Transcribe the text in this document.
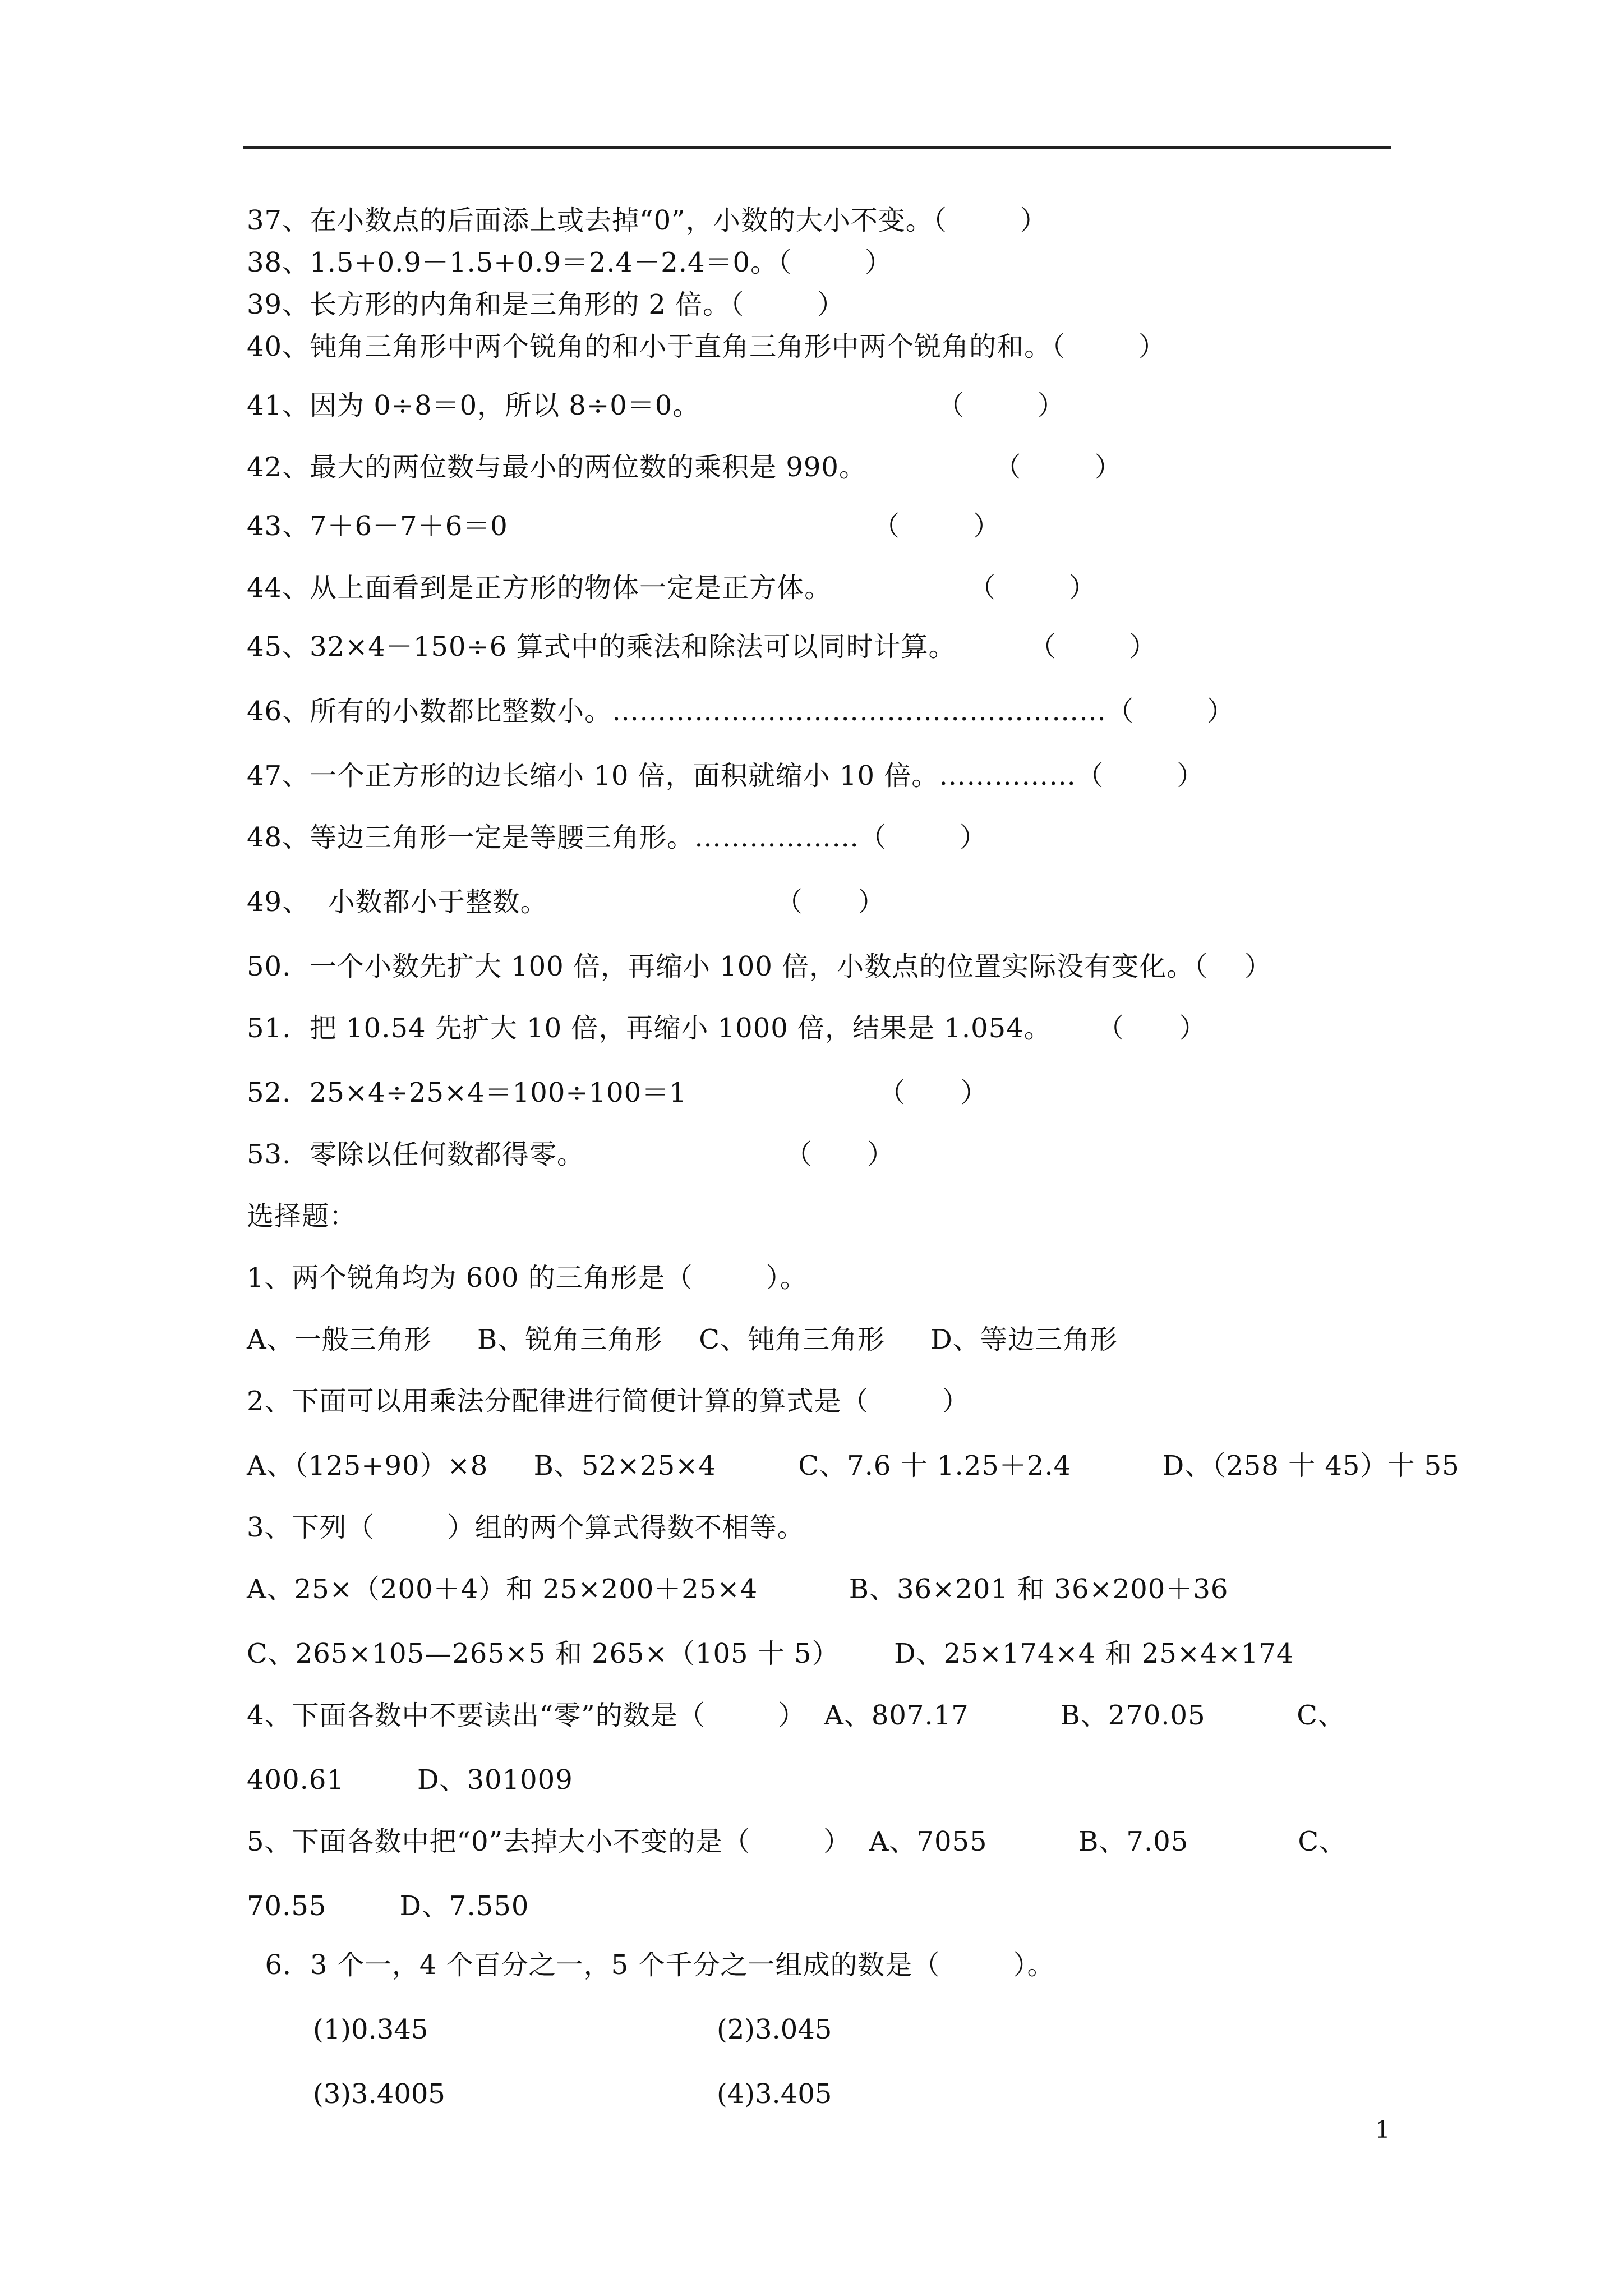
37、在小数点的后面添上或去掉“0”，小数的大小不变。（        ）
38、1.5+0.9－1.5+0.9＝2.4－2.4＝0。（        ）
39、长方形的内角和是三角形的 2 倍。（        ）
40、钝角三角形中两个锐角的和小于直角三角形中两个锐角的和。（        ）
41、因为 0÷8＝0，所以 8÷0＝0。                          （        ）
42、最大的两位数与最小的两位数的乘积是 990。              （        ）
43、7＋6－7＋6＝0                                        （        ）
44、从上面看到是正方形的物体一定是正方体。               （        ）
45、32×4－150÷6 算式中的乘法和除法可以同时计算。        （        ）
46、所有的小数都比整数小。………………………………………………（        ）
47、一个正方形的边长缩小 10 倍，面积就缩小 10 倍。……………（        ）
48、等边三角形一定是等腰三角形。………………（        ）
49、  小数都小于整数。                         （      ）
50.  一个小数先扩大 100 倍，再缩小 100 倍，小数点的位置实际没有变化。（    ）
51.  把 10.54 先扩大 10 倍，再缩小 1000 倍，结果是 1.054。     （      ）
52.  25×4÷25×4＝100÷100＝1                     （      ）
53.  零除以任何数都得零。                      （      ）
选择题：
1、两个锐角均为 600 的三角形是（        ）。
A、一般三角形     B、锐角三角形    C、钝角三角形     D、等边三角形
2、下面可以用乘法分配律进行简便计算的算式是（        ）
A、（125+90）×8     B、52×25×4         C、7.6 十 1.25＋2.4          D、（258 十 45）十 55
3、下列（        ）组的两个算式得数不相等。
A、25×（200＋4）和 25×200＋25×4          B、36×201 和 36×200＋36
C、265×105—265×5 和 265×（105 十 5）      D、25×174×4 和 25×4×174
4、下面各数中不要读出“零”的数是（        ）  A、807.17          B、270.05          C、
400.61        D、301009
5、下面各数中把“0”去掉大小不变的是（        ）  A、7055          B、7.05            C、
70.55        D、7.550
6．3 个一，4 个百分之一，5 个千分之一组成的数是（        ）。
(1)0.345	(2)3.045
(3)3.4005	(4)3.405
1
